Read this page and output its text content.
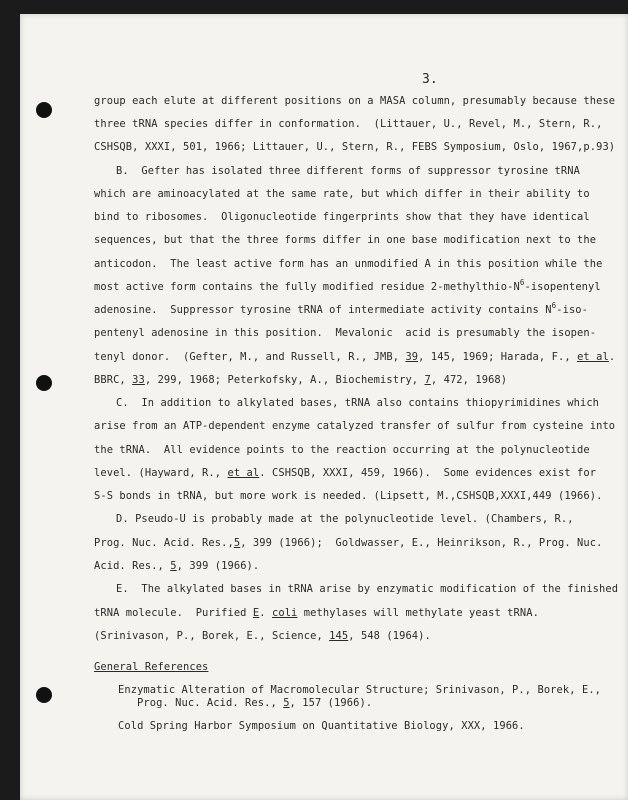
3.
group each elute at different positions on a MASA column, presumably because these
three tRNA species differ in conformation.  (Littauer, U., Revel, M., Stern, R.,
CSHSQB, XXXI, 501, 1966; Littauer, U., Stern, R., FEBS Symposium, Oslo, 1967,p.93)
B.  Gefter has isolated three different forms of suppressor tyrosine tRNA
which are aminoacylated at the same rate, but which differ in their ability to
bind to ribosomes.  Oligonucleotide fingerprints show that they have identical
sequences, but that the three forms differ in one base modification next to the
anticodon.  The least active form has an unmodified A in this position while the
most active form contains the fully modified residue $2-methylthio-N^6$-isopentenyl
adenosine.  Suppressor tyrosine tRNA of intermediate activity contains $N^6-iso-$
pentenyl adenosine in this position.  Mevalonic  acid is presumably the isopen-
tenyl donor.  (Gefter, M., and Russell, R., JMB, 39, 145, 1969; Harada, F., et al.
BBRC, 33, 299, 1968; Peterkofsky, A., Biochemistry, 7, 472, 1968)
C.  In addition to alkylated bases, tRNA also contains thiopyrimidines which
arise from an ATP-dependent enzyme catalyzed transfer of sulfur from cysteine into
the tRNA.  All evidence points to the reaction occurring at the polynucleotide
level. (Hayward, R., et al. CSHSQB, XXXI, 459, 1966).  Some evidences exist for
S-S bonds in tRNA, but more work is needed. (Lipsett, M.,CSHSQB,XXXI,449 (1966).
D. Pseudo-U is probably made at the polynucleotide level. (Chambers, R.,
Prog. Nuc. Acid. Res.,5, 399 (1966);  Goldwasser, E., Heinrikson, R., Prog. Nuc.
Acid. Res., 5, 399 (1966).
E.  The alkylated bases in tRNA arise by enzymatic modification of the finished
tRNA molecule.  Purified E. coli methylases will methylate yeast tRNA.
(Srinivason, P., Borek, E., Science, 145, 548 (1964).
General References
Enzymatic Alteration of Macromolecular Structure; Srinivason, P., Borek, E.,
Prog. Nuc. Acid. Res., 5, 157 (1966).
Cold Spring Harbor Symposium on Quantitative Biology, XXX, 1966.
